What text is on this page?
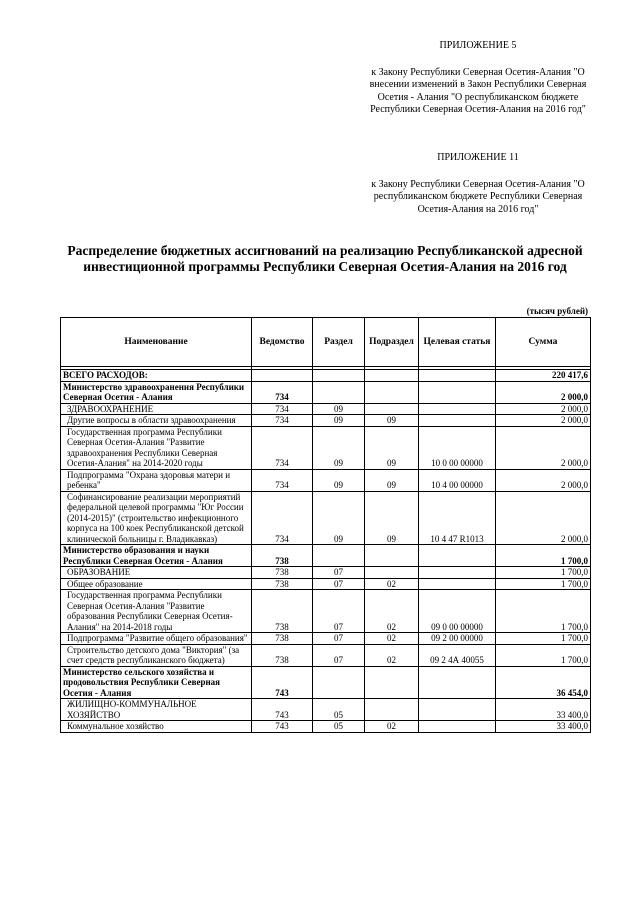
ПРИЛОЖЕНИЕ 5
к Закону Республики Северная Осетия-Алания "О внесении изменений в Закон Республики Северная Осетия - Алания "О республиканском бюджете Республики Северная Осетия-Алания на 2016 год"
ПРИЛОЖЕНИЕ 11
к Закону Республики Северная Осетия-Алания "О республиканском бюджете Республики Северная Осетия-Алания на 2016 год"
Распределение бюджетных ассигнований на реализацию Республиканской адресной инвестиционной программы Республики Северная Осетия-Алания на 2016 год
(тысяч рублей)
Наименование	Ведомство	Раздел	Подраздел	Целевая статья	Сумма

ВСЕГО РАСХОДОВ:					220 417,6
Министерство здравоохранения Республики Северная Осетия - Алания	734				2 000,0
ЗДРАВООХРАНЕНИЕ	734	09			2 000,0
Другие вопросы в области здравоохранения	734	09	09		2 000,0
Государственная программа Республики Северная Осетия-Алания "Развитие здравоохранения Республики Северная Осетия-Алания" на 2014-2020 годы	734	09	09	10 0 00 00000	2 000,0
Подпрограмма "Охрана здоровья матери и ребенка"	734	09	09	10 4 00 00000	2 000,0
Софинансирование реализации мероприятий федеральной целевой программы "Юг России (2014-2015)" (строительство инфекционного корпуса на 100 коек Республиканской детской клинической больницы г. Владикавказ)	734	09	09	10 4 47 R1013	2 000,0
Министерство образования и науки Республики Северная Осетия - Алания	738				1 700,0
ОБРАЗОВАНИЕ	738	07			1 700,0
Общее образование	738	07	02		1 700,0
Государственная программа Республики Северная Осетия-Алания "Развитие образования Республики Северная Осетия-Алания" на 2014-2018 годы	738	07	02	09 0 00 00000	1 700,0
Подпрограмма "Развитие общего образования"	738	07	02	09 2 00 00000	1 700,0
Строительство детского дома "Виктория" (за счет средств республиканского бюджета)	738	07	02	09 2 4А 40055	1 700,0
Министерство сельского хозяйства и продовольствия Республики Северная Осетия - Алания	743				36 454,0
ЖИЛИЩНО-КОММУНАЛЬНОЕ ХОЗЯЙСТВО	743	05			33 400,0
Коммунальное хозяйство	743	05	02		33 400,0
